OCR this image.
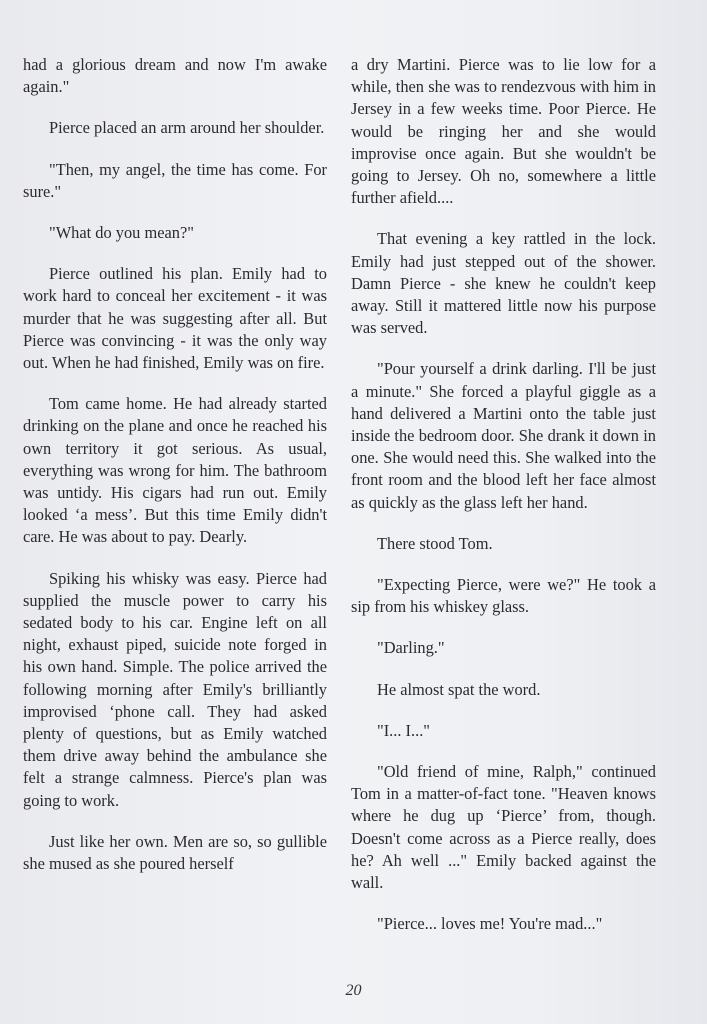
had a glorious dream and now I'm awake again."

Pierce placed an arm around her shoulder.

"Then, my angel, the time has come. For sure."

"What do you mean?"

Pierce outlined his plan. Emily had to work hard to conceal her excitement - it was murder that he was suggesting after all. But Pierce was convincing - it was the only way out. When he had finished, Emily was on fire.

Tom came home. He had already started drinking on the plane and once he reached his own territory it got serious. As usual, everything was wrong for him. The bathroom was untidy. His cigars had run out. Emily looked ‘a mess’. But this time Emily didn't care. He was about to pay. Dearly.

Spiking his whisky was easy. Pierce had supplied the muscle power to carry his sedated body to his car. Engine left on all night, exhaust piped, suicide note forged in his own hand. Simple. The police arrived the following morning after Emily's brilliantly improvised ‘phone call. They had asked plenty of questions, but as Emily watched them drive away behind the ambulance she felt a strange calmness. Pierce's plan was going to work.

Just like her own. Men are so, so gullible she mused as she poured herself

a dry Martini. Pierce was to lie low for a while, then she was to rendezvous with him in Jersey in a few weeks time. Poor Pierce. He would be ringing her and she would improvise once again. But she wouldn't be going to Jersey. Oh no, somewhere a little further afield....

That evening a key rattled in the lock. Emily had just stepped out of the shower. Damn Pierce - she knew he couldn't keep away. Still it mattered little now his purpose was served.

"Pour yourself a drink darling. I'll be just a minute." She forced a playful giggle as a hand delivered a Martini onto the table just inside the bedroom door. She drank it down in one. She would need this. She walked into the front room and the blood left her face almost as quickly as the glass left her hand.

There stood Tom.

"Expecting Pierce, were we?" He took a sip from his whiskey glass.

"Darling."

He almost spat the word.

"I... I..."

"Old friend of mine, Ralph," continued Tom in a matter-of-fact tone. "Heaven knows where he dug up ‘Pierce’ from, though. Doesn't come across as a Pierce really, does he? Ah well ..." Emily backed against the wall.

"Pierce... loves me! You're mad..."

20
